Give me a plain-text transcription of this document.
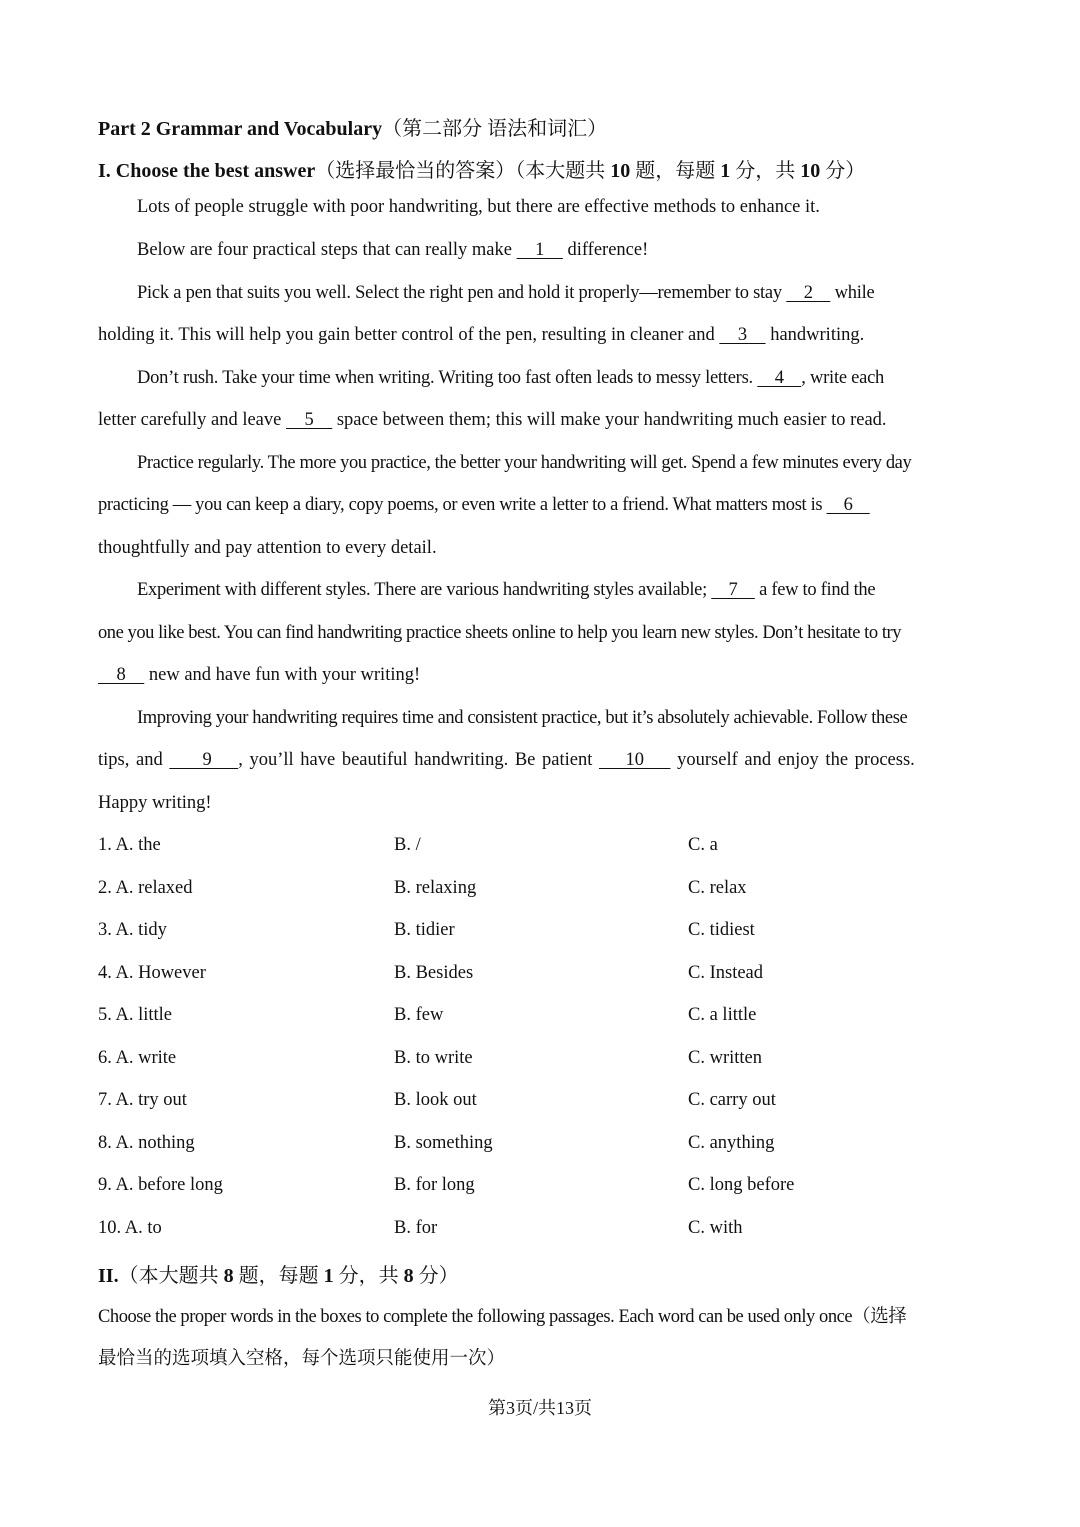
Part 2 Grammar and Vocabulary（第二部分 语法和词汇）
I. Choose the best answer（选择最恰当的答案）（本大题共 10 题，每题 1 分，共 10 分）
Lots of people struggle with poor handwriting, but there are effective methods to enhance it.
Below are four practical steps that can really make     1     difference!
Pick a pen that suits you well. Select the right pen and hold it properly—remember to stay     2     while
holding it. This will help you gain better control of the pen, resulting in cleaner and     3     handwriting.
Don’t rush. Take your time when writing. Writing too fast often leads to messy letters.     4    , write each
letter carefully and leave     5     space between them; this will make your handwriting much easier to read.
Practice regularly. The more you practice, the better your handwriting will get. Spend a few minutes every day
practicing — you can keep a diary, copy poems, or even write a letter to a friend. What matters most is     6
thoughtfully and pay attention to every detail.
Experiment with different styles. There are various handwriting styles available;     7     a few to find the
one you like best. You can find handwriting practice sheets online to help you learn new styles. Don’t hesitate to try
8     new and have fun with your writing!
Improving your handwriting requires time and consistent practice, but it’s absolutely achievable. Follow these
tips, and      9    , you’ll have beautiful handwriting. Be patient     10     yourself and enjoy the process.
Happy writing!
1. A. the	B. /	C. a
2. A. relaxed	B. relaxing	C. relax
3. A. tidy	B. tidier	C. tidiest
4. A. However	B. Besides	C. Instead
5. A. little	B. few	C. a little
6. A. write	B. to write	C. written
7. A. try out	B. look out	C. carry out
8. A. nothing	B. something	C. anything
9. A. before long	B. for long	C. long before
10. A. to	B. for	C. with
II.（本大题共 8 题，每题 1 分，共 8 分）
Choose the proper words in the boxes to complete the following passages. Each word can be used only once（选择
最恰当的选项填入空格，每个选项只能使用一次）
第3页/共13页
